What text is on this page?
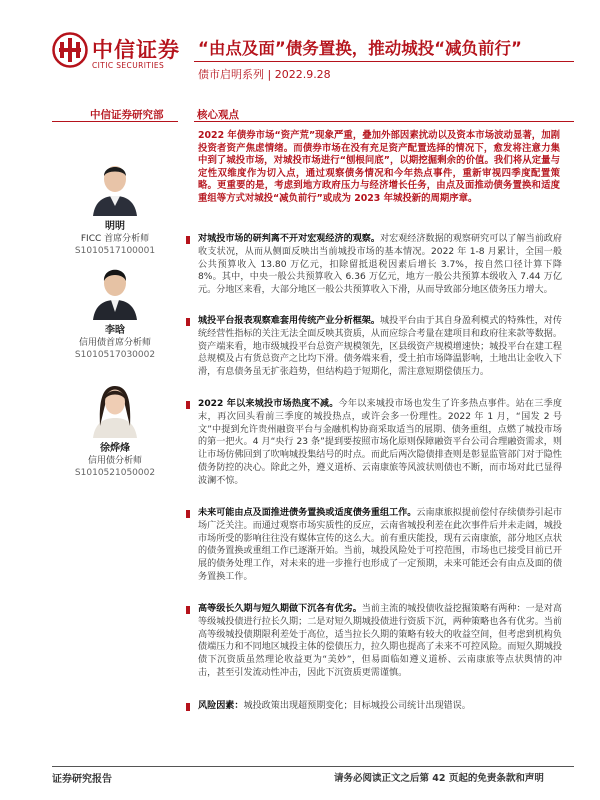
中信证券
CITIC SECURITIES
“由点及面”债务置换，推动城投“减负前行”
债市启明系列 | 2022.9.28
中信证券研究部	核心观点
明明
FICC 首席分析师
S1010517100001
李晗
信用债首席分析师
S1010517030002
徐烨烽
信用债分析师
S1010521050002
2022 年债券市场“资产荒”现象严重，叠加外部因素扰动以及资本市场波动显著，加剧投资者资产焦虑情绪。而债券市场在没有充足资产配置选择的情况下，愈发将注意力集中到了城投市场，对城投市场进行“刨根问底”，以期挖掘剩余的价值。我们将从定量与定性双维度作为切入点，通过观察债务情况和今年热点事件，重新审视四季度配置策略。更重要的是，考虑到地方政府压力与经济增长任务，由点及面推动债务置换和适度重组等方式对城投“减负前行”或成为 2023 年城投新的周期序章。
对城投市场的研判离不开对宏观经济的观察。对宏观经济数据的观察研究可以了解当前政府收支状况，从而从侧面反映出当前城投市场的基本情况。2022 年 1-8 月累计，全国一般公共预算收入 13.80 万亿元，扣除留抵退税因素后增长 3.7%，按自然口径计算下降 8%。其中，中央一般公共预算收入 6.36 万亿元，地方一般公共预算本级收入 7.44 万亿元。分地区来看，大部分地区一般公共预算收入下滑，从而导致部分地区债务压力增大。
城投平台报表观察难套用传统产业分析框架。城投平台由于其自身盈利模式的特殊性，对传统经营性指标的关注无法全面反映其资质，从而应综合考量在建项目和政府往来款等数据。资产端来看，地市级城投平台总资产规模领先，区县级资产规模增速快；城投平台在建工程总规模及占有货总资产之比均下滑。债务端来看，受土拍市场降温影响，土地出让金收入下滑，有息债务虽无扩张趋势，但结构趋于短期化，需注意短期偿债压力。
2022 年以来城投市场热度不减。今年以来城投市场也发生了许多热点事件。站在三季度末，再次回头看前三季度的城投热点，或许会多一份理性。2022 年 1 月，“国发 2 号文”中提到允许贵州融资平台与金融机构协商采取适当的展期、债务重组，点燃了城投市场的第一把火。4 月“央行 23 条”提到要按照市场化原则保障融资平台公司合理融资需求，则让市场仿佛回到了吹响城投集结号的时点。而此后两次隐债排查则是彰显监管部门对于隐性债务防控的决心。除此之外，遵义道桥、云南康旅等风波状则债也不断，而市场对此已显得波澜不惊。
未来可能由点及面推进债务置换或适度债务重组工作。云南康旅拟提前偿付存续债券引起市场广泛关注。而通过观察市场实质性的反应，云南省城投利差在此次事件后并未走阔，城投市场所受的影响往往没有媒体宣传的这么大。前有重庆能投，现有云南康旅，部分地区点状的债务置换或重组工作已逐渐开始。当前，城投风险处于可控范围，市场也已接受目前已开展的债务处理工作，对未来的进一步推行也形成了一定预期，未来可能还会有由点及面的债务置换工作。
高等级长久期与短久期做下沉各有优劣。当前主流的城投债收益挖掘策略有两种：一是对高等级城投债进行拉长久期；二是对短久期城投债进行资质下沉，两种策略也各有优劣。当前高等级城投债期限利差处于高位，适当拉长久期的策略有较大的收益空间，但考虑到机构负债端压力和不同地区城投主体的偿债压力，拉久期也提高了未来不可控风险。而短久期城投债下沉资质虽然理论收益更为“美妙”，但易面临如遵义道桥、云南康旅等点状舆情的冲击，甚至引发流动性冲击，因此下沉资质更需谨慎。
风险因素：城投政策出现超预期变化；目标城投公司统计出现错误。
证券研究报告	请务必阅读正文之后第 42 页起的免责条款和声明
